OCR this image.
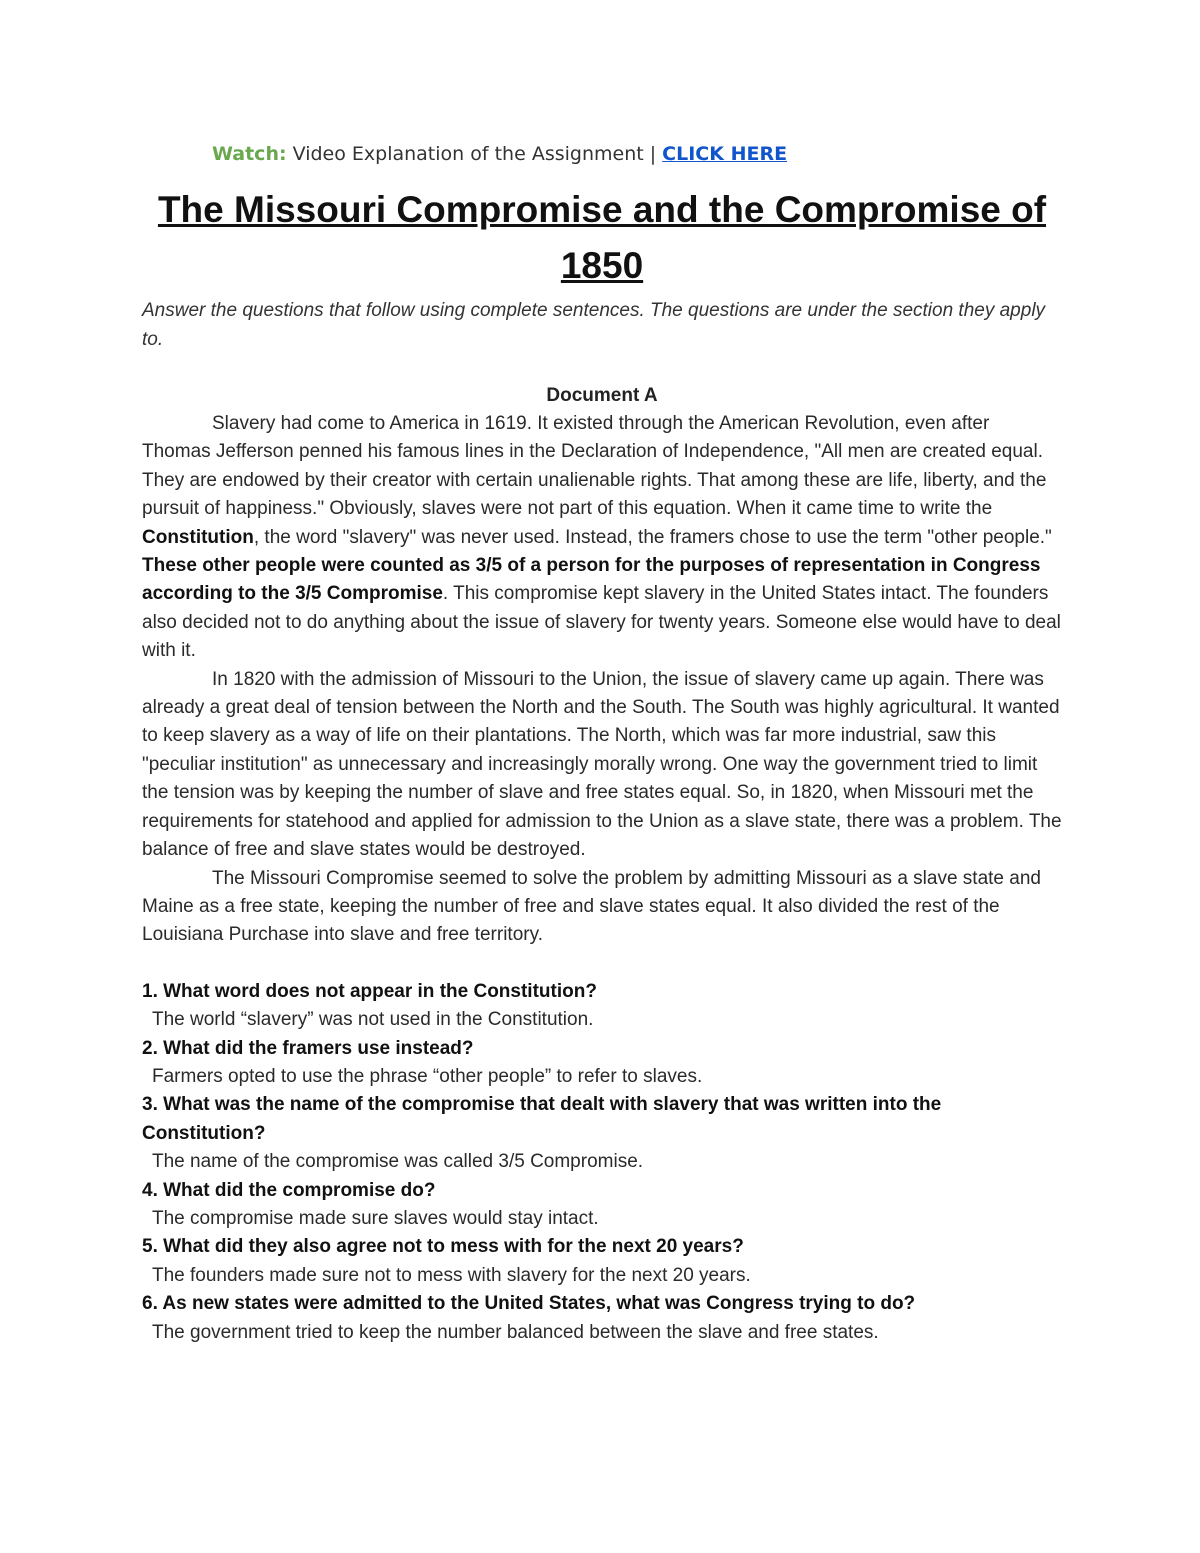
Watch: Video Explanation of the Assignment | CLICK HERE
The Missouri Compromise and the Compromise of 1850

Answer the questions that follow using complete sentences. The questions are under the section they apply to.

Document A

Slavery had come to America in 1619. It existed through the American Revolution, even after Thomas Jefferson penned his famous lines in the Declaration of Independence, "All men are created equal. They are endowed by their creator with certain unalienable rights. That among these are life, liberty, and the pursuit of happiness." Obviously, slaves were not part of this equation. When it came time to write the Constitution, the word "slavery" was never used. Instead, the framers chose to use the term "other people." These other people were counted as 3/5 of a person for the purposes of representation in Congress according to the 3/5 Compromise. This compromise kept slavery in the United States intact. The founders also decided not to do anything about the issue of slavery for twenty years. Someone else would have to deal with it.

In 1820 with the admission of Missouri to the Union, the issue of slavery came up again. There was already a great deal of tension between the North and the South. The South was highly agricultural. It wanted to keep slavery as a way of life on their plantations. The North, which was far more industrial, saw this "peculiar institution" as unnecessary and increasingly morally wrong. One way the government tried to limit the tension was by keeping the number of slave and free states equal. So, in 1820, when Missouri met the requirements for statehood and applied for admission to the Union as a slave state, there was a problem. The balance of free and slave states would be destroyed.

The Missouri Compromise seemed to solve the problem by admitting Missouri as a slave state and Maine as a free state, keeping the number of free and slave states equal. It also divided the rest of the Louisiana Purchase into slave and free territory.

1. What word does not appear in the Constitution?

The world “slavery” was not used in the Constitution.

2. What did the framers use instead?

Farmers opted to use the phrase “other people” to refer to slaves.

3. What was the name of the compromise that dealt with slavery that was written into the Constitution?

The name of the compromise was called 3/5 Compromise.

4. What did the compromise do?

The compromise made sure slaves would stay intact.

5. What did they also agree not to mess with for the next 20 years?

The founders made sure not to mess with slavery for the next 20 years.

6. As new states were admitted to the United States, what was Congress trying to do?

The government tried to keep the number balanced between the slave and free states.
